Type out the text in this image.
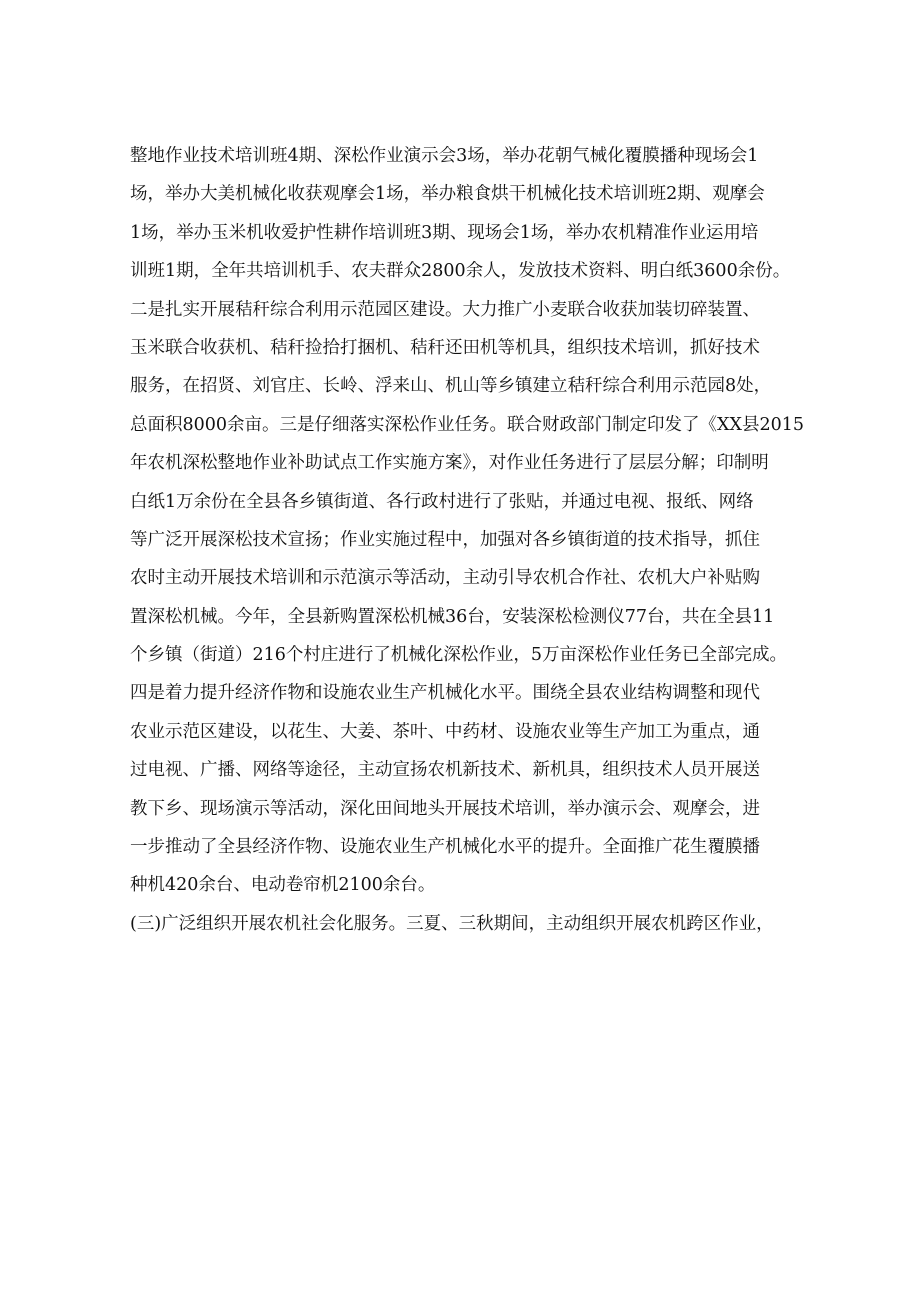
整地作业技术培训班4期、深松作业演示会3场，举办花朝气械化覆膜播种现场会1
场，举办大美机械化收获观摩会1场，举办粮食烘干机械化技术培训班2期、观摩会
1场，举办玉米机收爱护性耕作培训班3期、现场会1场，举办农机精准作业运用培
训班1期，全年共培训机手、农夫群众2800余人，发放技术资料、明白纸3600余份。
二是扎实开展秸秆综合利用示范园区建设。大力推广小麦联合收获加装切碎装置、
玉米联合收获机、秸秆捡拾打捆机、秸秆还田机等机具，组织技术培训，抓好技术
服务，在招贤、刘官庄、长岭、浮来山、机山等乡镇建立秸秆综合利用示范园8处，
总面积8000余亩。三是仔细落实深松作业任务。联合财政部门制定印发了《XX县2015
年农机深松整地作业补助试点工作实施方案》，对作业任务进行了层层分解；印制明
白纸1万余份在全县各乡镇街道、各行政村进行了张贴，并通过电视、报纸、网络
等广泛开展深松技术宣扬；作业实施过程中，加强对各乡镇街道的技术指导，抓住
农时主动开展技术培训和示范演示等活动，主动引导农机合作社、农机大户补贴购
置深松机械。今年，全县新购置深松机械36台，安装深松检测仪77台，共在全县11
个乡镇（街道）216个村庄进行了机械化深松作业，5万亩深松作业任务已全部完成。
四是着力提升经济作物和设施农业生产机械化水平。围绕全县农业结构调整和现代
农业示范区建设，以花生、大姜、茶叶、中药材、设施农业等生产加工为重点，通
过电视、广播、网络等途径，主动宣扬农机新技术、新机具，组织技术人员开展送
教下乡、现场演示等活动，深化田间地头开展技术培训，举办演示会、观摩会，进
一步推动了全县经济作物、设施农业生产机械化水平的提升。全面推广花生覆膜播
种机420余台、电动卷帘机2100余台。
(三)广泛组织开展农机社会化服务。三夏、三秋期间，主动组织开展农机跨区作业，
